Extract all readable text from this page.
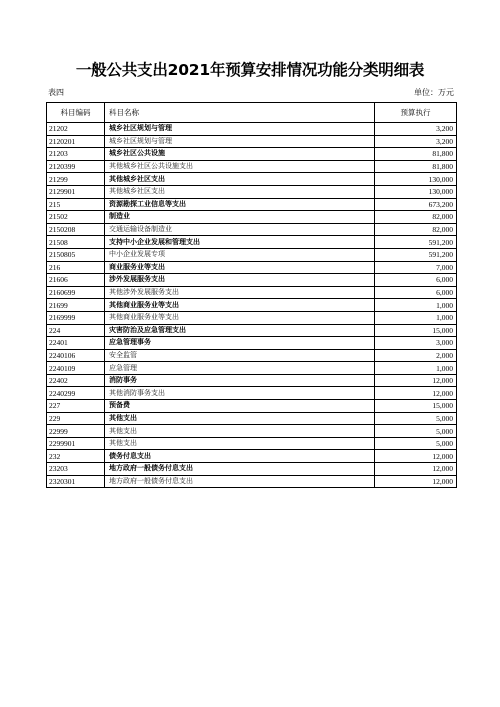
一般公共支出2021年预算安排情况功能分类明细表
表四	单位：万元
科目编码	科目名称	预算执行
21202	城乡社区规划与管理	3,200
2120201	城乡社区规划与管理	3,200
21203	城乡社区公共设施	81,800
2120399	其他城乡社区公共设施支出	81,800
21299	其他城乡社区支出	130,000
2129901	其他城乡社区支出	130,000
215	资源勘探工业信息等支出	673,200
21502	制造业	82,000
2150208	交通运输设备制造业	82,000
21508	支持中小企业发展和管理支出	591,200
2150805	中小企业发展专项	591,200
216	商业服务业等支出	7,000
21606	涉外发展服务支出	6,000
2160699	其他涉外发展服务支出	6,000
21699	其他商业服务业等支出	1,000
2169999	其他商业服务业等支出	1,000
224	灾害防治及应急管理支出	15,000
22401	应急管理事务	3,000
2240106	安全监管	2,000
2240109	应急管理	1,000
22402	消防事务	12,000
2240299	其他消防事务支出	12,000
227	预备费	15,000
229	其他支出	5,000
22999	其他支出	5,000
2299901	其他支出	5,000
232	债务付息支出	12,000
23203	地方政府一般债务付息支出	12,000
2320301	地方政府一般债务付息支出	12,000
